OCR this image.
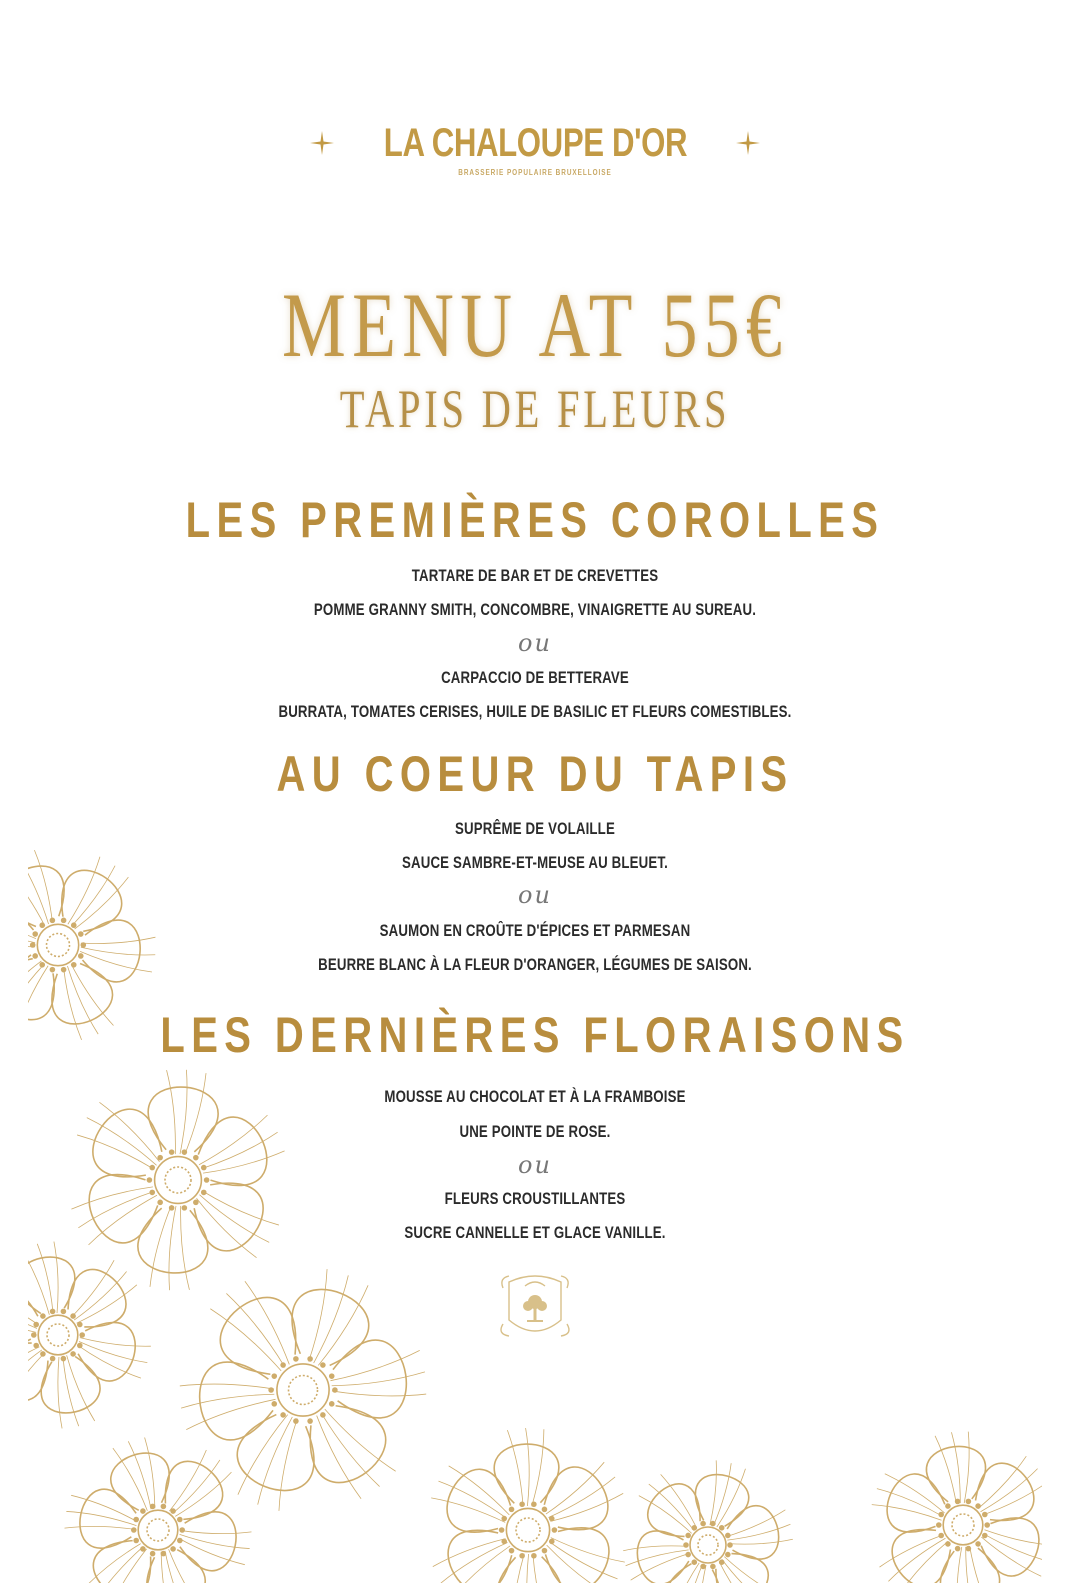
LA CHALOUPE D'OR
BRASSERIE POPULAIRE BRUXELLOISE
MENU AT 55€
TAPIS DE FLEURS
LES PREMIÈRES COROLLES
TARTARE DE BAR ET DE CREVETTES
POMME GRANNY SMITH, CONCOMBRE, VINAIGRETTE AU SUREAU.
ou
CARPACCIO DE BETTERAVE
BURRATA, TOMATES CERISES, HUILE DE BASILIC ET FLEURS COMESTIBLES.
AU COEUR DU TAPIS
SUPRÊME DE VOLAILLE
SAUCE SAMBRE-ET-MEUSE AU BLEUET.
ou
SAUMON EN CROÛTE D'ÉPICES ET PARMESAN
BEURRE BLANC À LA FLEUR D'ORANGER, LÉGUMES DE SAISON.
LES DERNIÈRES FLORAISONS
MOUSSE AU CHOCOLAT ET À LA FRAMBOISE
UNE POINTE DE ROSE.
ou
FLEURS CROUSTILLANTES
SUCRE CANNELLE ET GLACE VANILLE.
